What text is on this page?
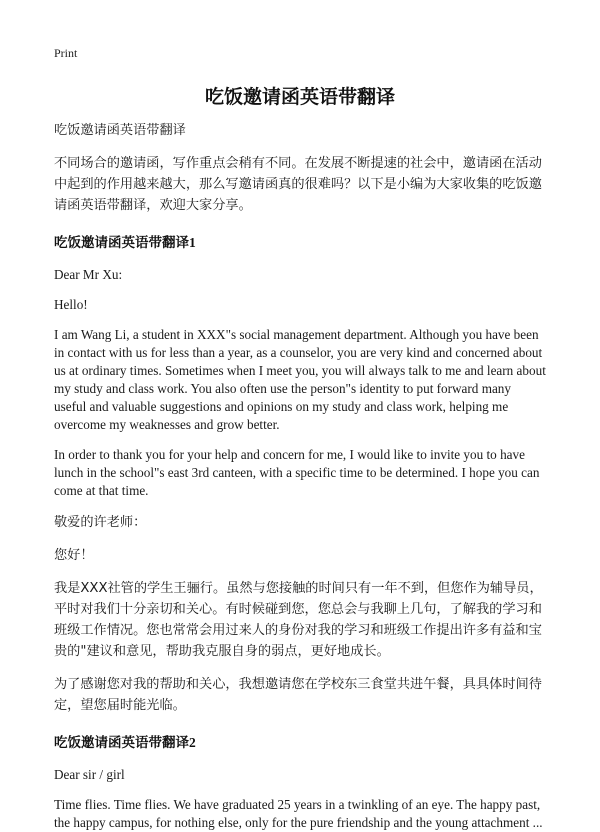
Print
吃饭邀请函英语带翻译

吃饭邀请函英语带翻译

不同场合的邀请函，写作重点会稍有不同。在发展不断提速的社会中，邀请函在活动中起到的作用越来越大，那么写邀请函真的很难吗？以下是小编为大家收集的吃饭邀请函英语带翻译，欢迎大家分享。

吃饭邀请函英语带翻译1

Dear Mr Xu:

Hello!

I am Wang Li, a student in XXX"s social management department. Although you have been in contact with us for less than a year, as a counselor, you are very kind and concerned about us at ordinary times. Sometimes when I meet you, you will always talk to me and learn about my study and class work. You also often use the person"s identity to put forward many useful and valuable suggestions and opinions on my study and class work, helping me overcome my weaknesses and grow better.

In order to thank you for your help and concern for me, I would like to invite you to have lunch in the school"s east 3rd canteen, with a specific time to be determined. I hope you can come at that time.

敬爱的许老师：

您好！

我是XXX社管的学生王骊行。虽然与您接触的时间只有一年不到，但您作为辅导员，平时对我们十分亲切和关心。有时候碰到您，您总会与我聊上几句，了解我的学习和班级工作情况。您也常常会用过来人的身份对我的学习和班级工作提出许多有益和宝贵的"建议和意见，帮助我克服自身的弱点，更好地成长。

为了感谢您对我的帮助和关心，我想邀请您在学校东三食堂共进午餐，具具体时间待定，望您届时能光临。

吃饭邀请函英语带翻译2

Dear sir / girl

Time flies. Time flies. We have graduated 25 years in a twinkling of an eye. The happy past, the happy campus, for nothing else, only for the pure friendship and the young attachment ...
